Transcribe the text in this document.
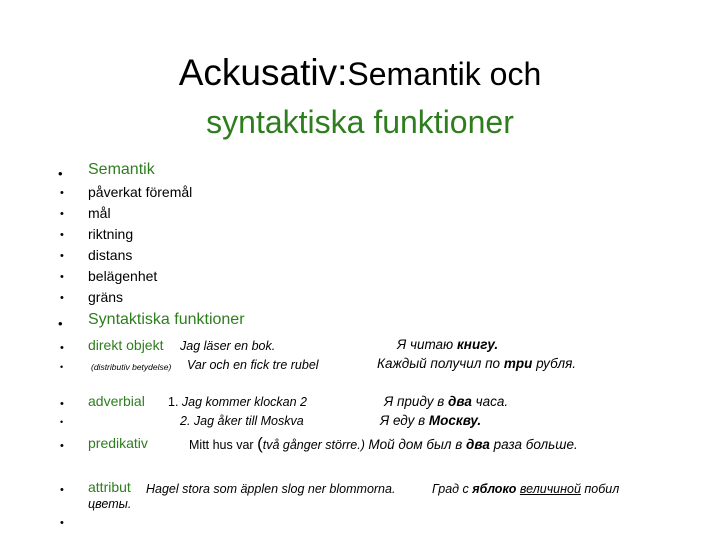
Ackusativ:Semantik och
syntaktiska funktioner
• Semantik
• påverkat föremål
• mål
• riktning
• distans
• belägenhet
• gräns
• Syntaktiska funktioner
• direkt objekt Jag läser en bok.	Я читаю книгу.
•	(distributiv betydelse) Var och en fick tre rubel	Каждый получил по три рубля.
• adverbial 1. Jag kommer klockan 2	Я приду в два часа.
•	2. Jag åker till Moskva	Я еду в Москву.
• predikativ	Mitt hus var (två gånger större.) Мой дом был в два раза больше.
• attribut Hagel stora som äpplen slog ner blommorna.	Град с яблоко величиной побил
цветы.
•
